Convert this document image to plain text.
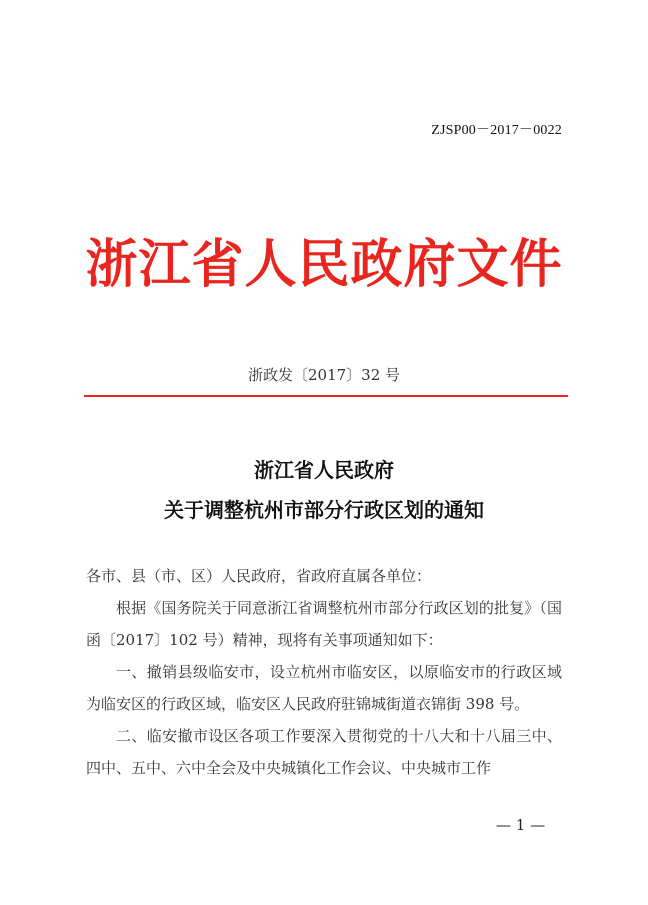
ZJSP00－2017－0022
浙江省人民政府文件
浙政发〔2017〕32 号
浙江省人民政府
关于调整杭州市部分行政区划的通知

各市、县（市、区）人民政府，省政府直属各单位：

根据《国务院关于同意浙江省调整杭州市部分行政区划的批复》（国函〔2017〕102 号）精神，现将有关事项通知如下：

一、撤销县级临安市，设立杭州市临安区，以原临安市的行政区域为临安区的行政区域，临安区人民政府驻锦城街道衣锦街 398 号。

二、临安撤市设区各项工作要深入贯彻党的十八大和十八届三中、四中、五中、六中全会及中央城镇化工作会议、中央城市工作

— 1 —
